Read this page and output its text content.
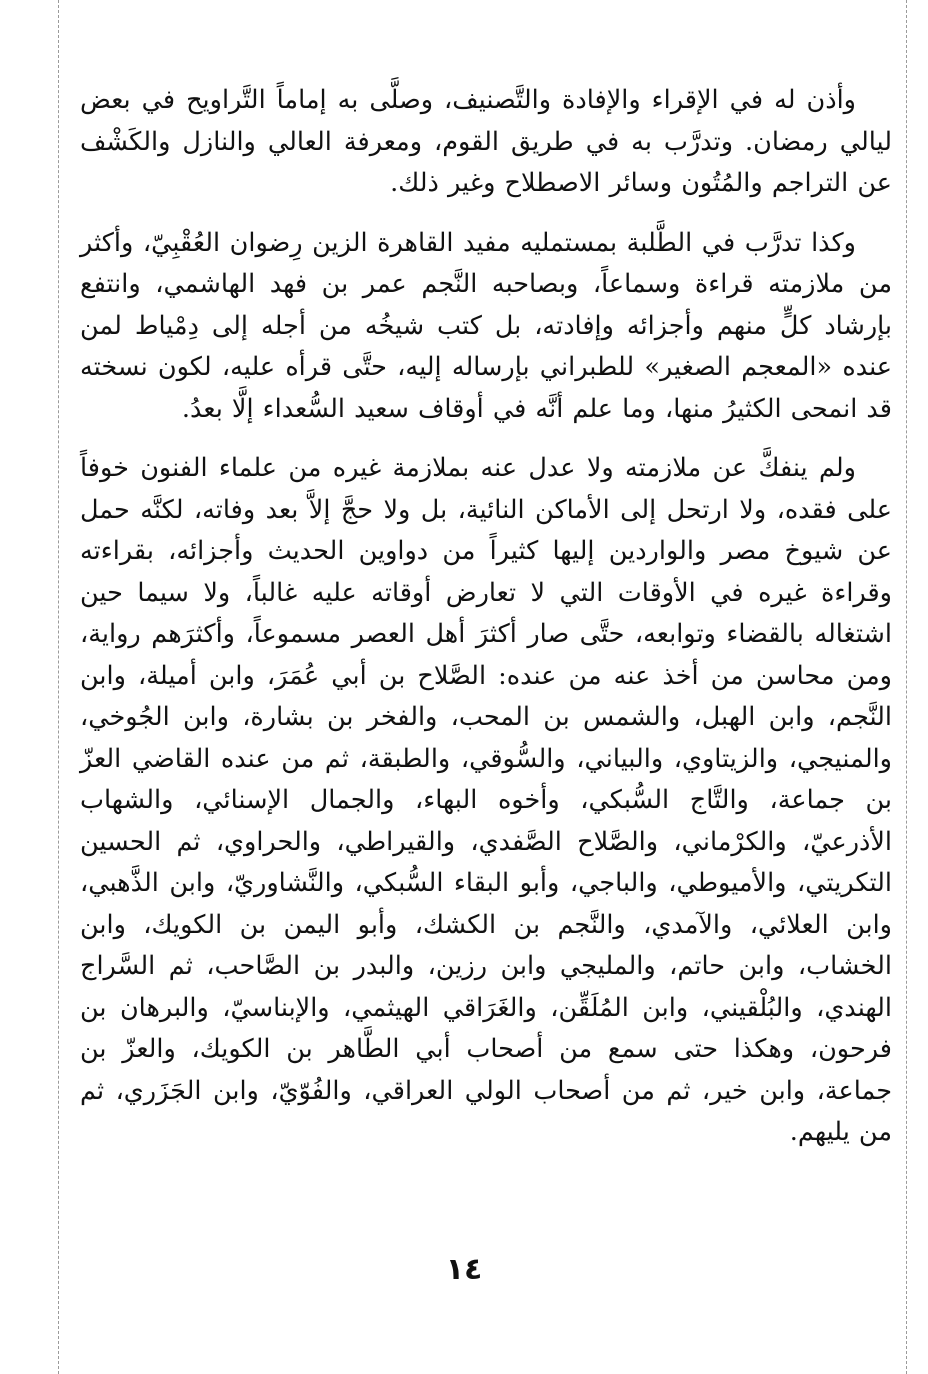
وأذن له في الإقراء والإفادة والتَّصنيف، وصلَّى به إماماً التَّراويح في بعض ليالي رمضان. وتدرَّب به في طريق القوم، ومعرفة العالي والنازل والكَشْف عن التراجم والمُتُون وسائر الاصطلاح وغير ذلك.

وكذا تدرَّب في الطَّلبة بمستمليه مفيد القاهرة الزين رِضوان العُقْبِيّ، وأكثر من ملازمته قراءة وسماعاً، وبصاحبه النَّجم عمر بن فهد الهاشمي، وانتفع بإرشاد كلٍّ منهم وأجزائه وإفادته، بل كتب شيخُه من أجله إلى دِمْياط لمن عنده «المعجم الصغير» للطبراني بإرساله إليه، حتَّى قرأه عليه، لكون نسخته قد انمحى الكثيرُ منها، وما علم أنَّه في أوقاف سعيد السُّعداء إلَّا بعدُ.

ولم ينفكَّ عن ملازمته ولا عدل عنه بملازمة غيره من علماء الفنون خوفاً على فقده، ولا ارتحل إلى الأماكن النائية، بل ولا حجَّ إلاَّ بعد وفاته، لكنَّه حمل عن شيوخ مصر والواردين إليها كثيراً من دواوين الحديث وأجزائه، بقراءته وقراءة غيره في الأوقات التي لا تعارض أوقاته عليه غالباً، ولا سيما حين اشتغاله بالقضاء وتوابعه، حتَّى صار أكثرَ أهل العصر مسموعاً، وأكثرَهم رواية، ومن محاسن من أخذ عنه من عنده: الصَّلاح بن أبي عُمَرَ، وابن أميلة، وابن النَّجم، وابن الهبل، والشمس بن المحب، والفخر بن بشارة، وابن الجُوخي، والمنيجي، والزيتاوي، والبياني، والسُّوقي، والطبقة، ثم من عنده القاضي العزّ بن جماعة، والتَّاج السُّبكي، وأخوه البهاء، والجمال الإسنائي، والشهاب الأذرعيّ، والكرْماني، والصَّلاح الصَّفدي، والقيراطي، والحراوي، ثم الحسين التكريتي، والأميوطي، والباجي، وأبو البقاء السُّبكي، والنَّشاوريّ، وابن الذَّهبي، وابن العلائي، والآمدي، والنَّجم بن الكشك، وأبو اليمن بن الكويك، وابن الخشاب، وابن حاتم، والمليجي وابن رزين، والبدر بن الصَّاحب، ثم السَّراج الهندي، والبُلْقيني، وابن المُلَقِّن، والغَرَاقي الهيثمي، والإبناسيّ، والبرهان بن فرحون، وهكذا حتى سمع من أصحاب أبي الطَّاهر بن الكويك، والعزّ بن جماعة، وابن خير، ثم من أصحاب الولي العراقي، والفُوّيّ، وابن الجَزَري، ثم من يليهم.

١٤
